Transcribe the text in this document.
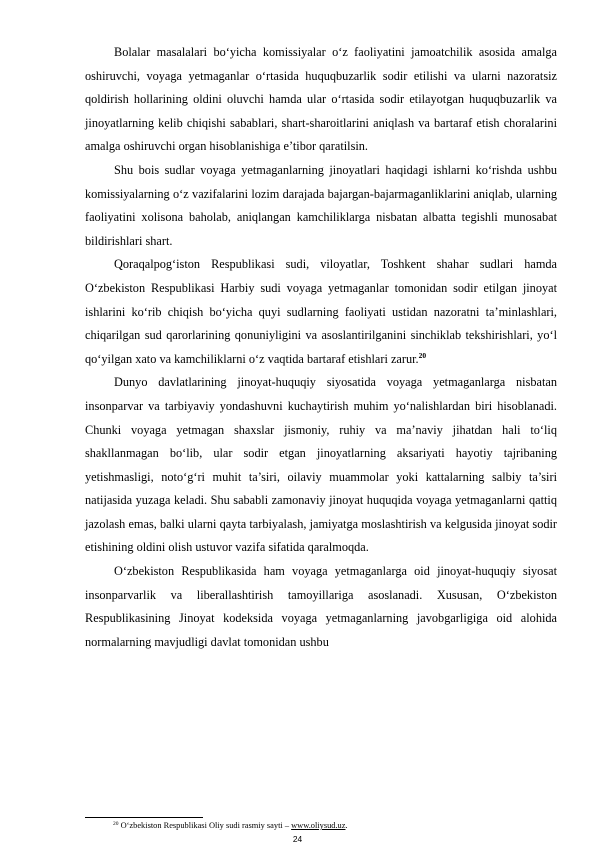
Bolalar masalalari bo‘yicha komissiyalar o‘z faoliyatini jamoatchilik asosida amalga oshiruvchi, voyaga yetmaganlar o‘rtasida huquqbuzarlik sodir etilishi va ularni nazoratsiz qoldirish hollarining oldini oluvchi hamda ular o‘rtasida sodir etilayotgan huquqbuzarlik va jinoyatlarning kelib chiqishi sabablari, shart-sharoitlarini aniqlash va bartaraf etish choralarini amalga oshiruvchi organ hisoblanishiga e’tibor qaratilsin.

Shu bois sudlar voyaga yetmaganlarning jinoyatlari haqidagi ishlarni ko‘rishda ushbu komissiyalarning o‘z vazifalarini lozim darajada bajargan-bajarmaganliklarini aniqlab, ularning faoliyatini xolisona baholab, aniqlangan kamchiliklarga nisbatan albatta tegishli munosabat bildirishlari shart.

Qoraqalpog‘iston Respublikasi sudi, viloyatlar, Toshkent shahar sudlari hamda O‘zbekiston Respublikasi Harbiy sudi voyaga yetmaganlar tomonidan sodir etilgan jinoyat ishlarini ko‘rib chiqish bo‘yicha quyi sudlarning faoliyati ustidan nazoratni ta’minlashlari, chiqarilgan sud qarorlarining qonuniyligini va asoslantirilganini sinchiklab tekshirishlari, yo‘l qo‘yilgan xato va kamchiliklarni o‘z vaqtida bartaraf etishlari zarur.$^{20}$

Dunyo davlatlarining jinoyat-huquqiy siyosatida voyaga yetmaganlarga nisbatan insonparvar va tarbiyaviy yondashuvni kuchaytirish muhim yo‘nalishlardan biri hisoblanadi. Chunki voyaga yetmagan shaxslar jismoniy, ruhiy va ma’naviy jihatdan hali to‘liq shakllanmagan bo‘lib, ular sodir etgan jinoyatlarning aksariyati hayotiy tajribaning yetishmasligi, noto‘g‘ri muhit ta’siri, oilaviy muammolar yoki kattalarning salbiy ta’siri natijasida yuzaga keladi. Shu sababli zamonaviy jinoyat huquqida voyaga yetmaganlarni qattiq jazolash emas, balki ularni qayta tarbiyalash, jamiyatga moslashtirish va kelgusida jinoyat sodir etishining oldini olish ustuvor vazifa sifatida qaralmoqda.

O‘zbekiston Respublikasida ham voyaga yetmaganlarga oid jinoyat-huquqiy siyosat insonparvarlik va liberallashtirish tamoyillariga asoslanadi. Xususan, O‘zbekiston Respublikasining Jinoyat kodeksida voyaga yetmaganlarning javobgarligiga oid alohida normalarning mavjudligi davlat tomonidan ushbu

$^{20}$ O‘zbekiston Respublikasi Oliy sudi rasmiy sayti – www.oliysud.uz.
24
